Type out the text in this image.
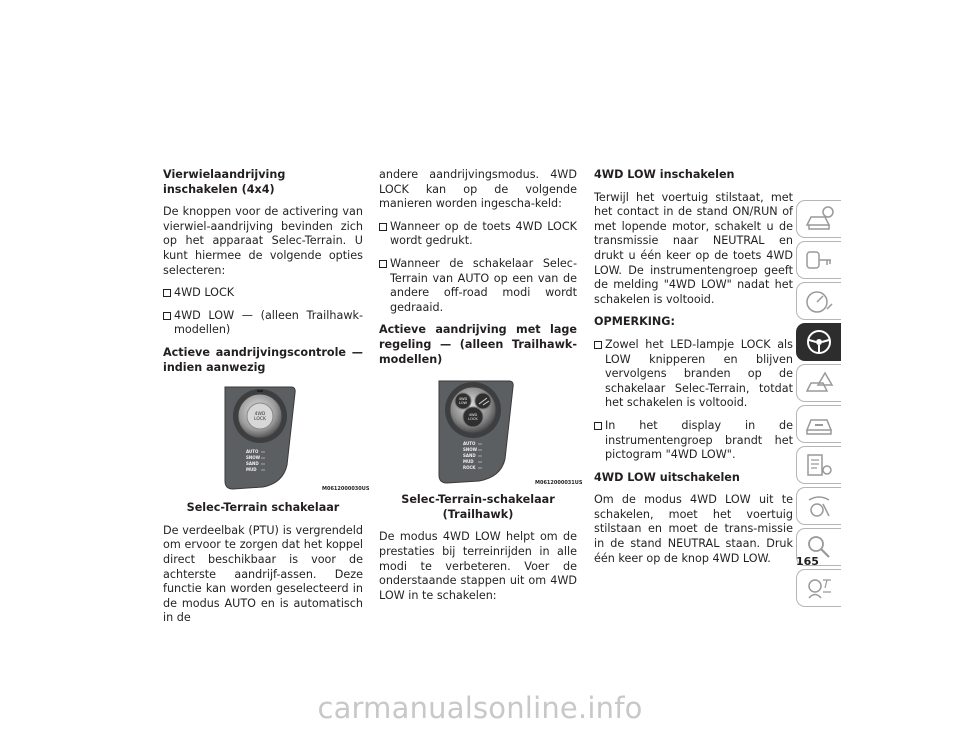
Vierwielaandrijving inschakelen (4x4)

De knoppen voor de activering van vierwiel-aandrijving bevinden zich op het apparaat Selec-Terrain. U kunt hiermee de volgende opties selecteren:

4WD LOCK
4WD LOW — (alleen Trailhawk-modellen)
Actieve aandrijvingscontrole — indien aanwezig
4WD
LOCK
AUTO
SNOW
SAND
MUD
M0612000030US
Selec-Terrain schakelaar

De verdeelbak (PTU) is vergrendeld om ervoor te zorgen dat het koppel direct beschikbaar is voor de achterste aandrijf-assen. Deze functie kan worden geselecteerd in de modus AUTO en is automatisch in de

andere aandrijvingsmodus. 4WD LOCK kan op de volgende manieren worden ingescha-keld:

Wanneer op de toets 4WD LOCK wordt gedrukt.
Wanneer de schakelaar Selec-Terrain van AUTO op een van de andere off-road modi wordt gedraaid.
Actieve aandrijving met lage regeling — (alleen Trailhawk-modellen)
4WD
LOW
4WD
LOCK
AUTO
SNOW
SAND
MUD
ROCK
M0612000031US
Selec-Terrain-schakelaar (Trailhawk)

De modus 4WD LOW helpt om de prestaties bij terreinrijden in alle modi te verbeteren. Voer de onderstaande stappen uit om 4WD LOW in te schakelen:

4WD LOW inschakelen

Terwijl het voertuig stilstaat, met het contact in de stand ON/RUN of met lopende motor, schakelt u de transmissie naar NEUTRAL en drukt u één keer op de toets 4WD LOW. De instrumentengroep geeft de melding "4WD LOW" nadat het schakelen is voltooid.

OPMERKING:
Zowel het LED-lampje LOCK als LOW knipperen en blijven vervolgens branden op de schakelaar Selec-Terrain, totdat het schakelen is voltooid.
In het display in de instrumentengroep brandt het pictogram "4WD LOW".
4WD LOW uitschakelen

Om de modus 4WD LOW uit te schakelen, moet het voertuig stilstaan en moet de trans-missie in de stand NEUTRAL staan. Druk één keer op de knop 4WD LOW.	165
carmanualsonline.info
